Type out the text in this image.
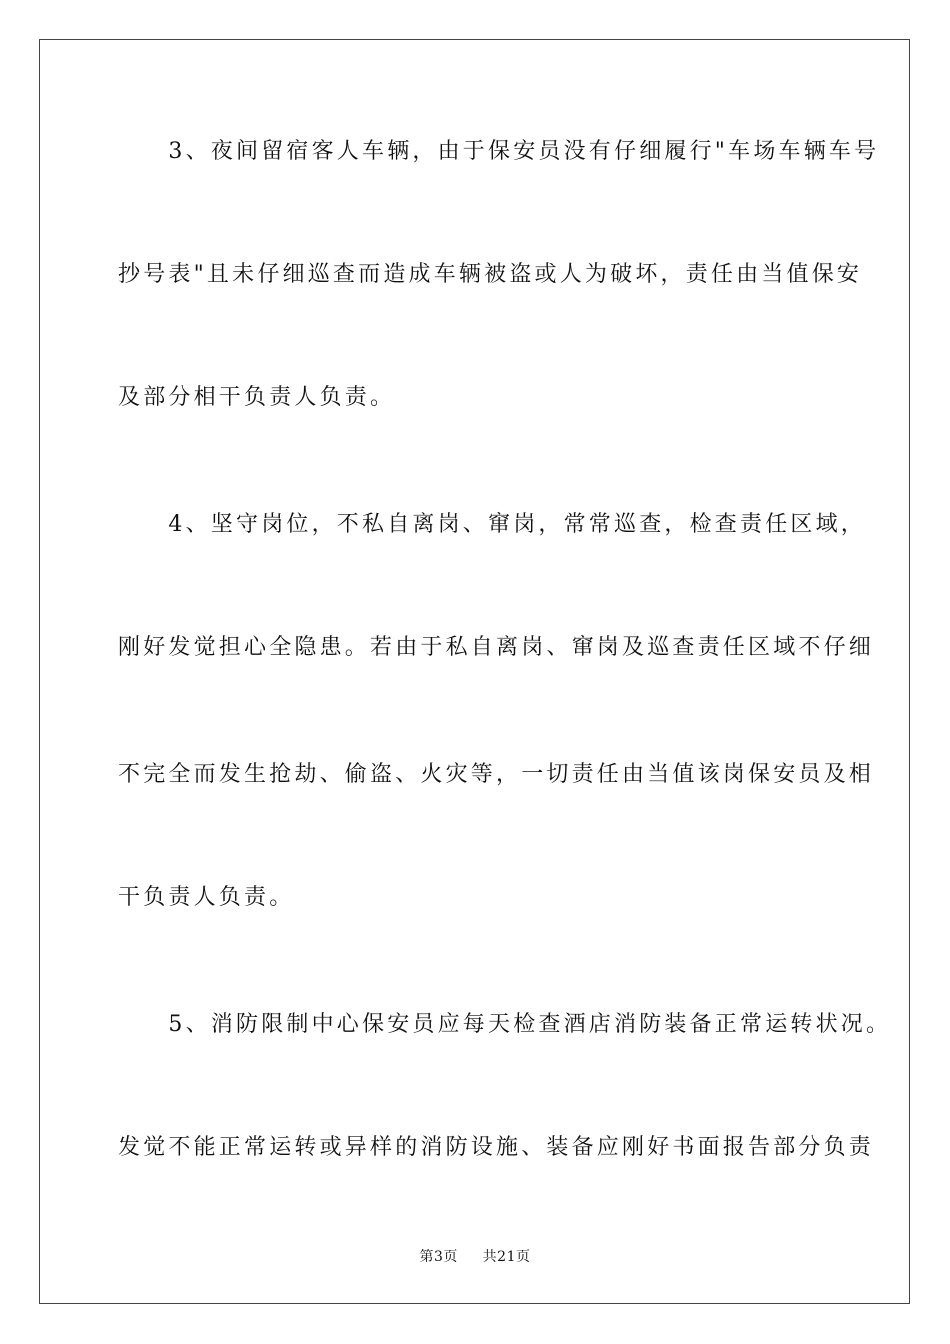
　　3、夜间留宿客人车辆，由于保安员没有仔细履行"车场车辆车号
抄号表"且未仔细巡查而造成车辆被盗或人为破坏，责任由当值保安
及部分相干负责人负责。
　　4、坚守岗位，不私自离岗、窜岗，常常巡查，检查责任区域，
刚好发觉担心全隐患。若由于私自离岗、窜岗及巡查责任区域不仔细
不完全而发生抢劫、偷盗、火灾等，一切责任由当值该岗保安员及相
干负责人负责。
　　5、消防限制中心保安员应每天检查酒店消防装备正常运转状况。
发觉不能正常运转或异样的消防设施、装备应刚好书面报告部分负责
第3页 共21页
